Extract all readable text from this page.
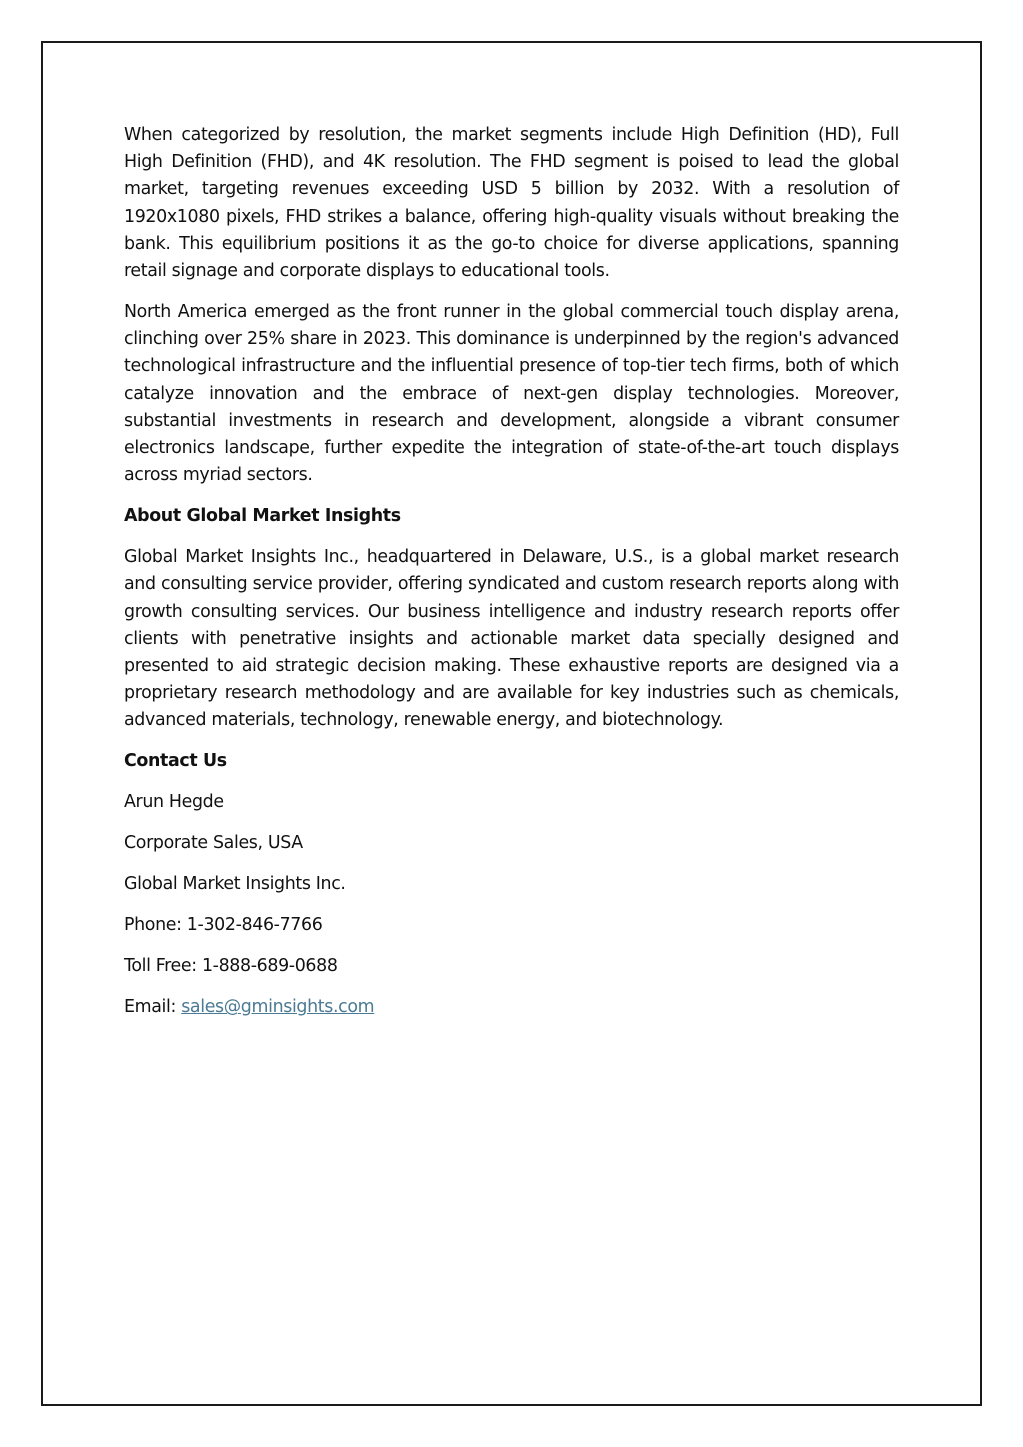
When categorized by resolution, the market segments include High Definition (HD), Full High Definition (FHD), and 4K resolution. The FHD segment is poised to lead the global market, targeting revenues exceeding USD 5 billion by 2032. With a resolution of 1920x1080 pixels, FHD strikes a balance, offering high-quality visuals without breaking the bank. This equilibrium positions it as the go-to choice for diverse applications, spanning retail signage and corporate displays to educational tools.

North America emerged as the front runner in the global commercial touch display arena, clinching over 25% share in 2023. This dominance is underpinned by the region's advanced technological infrastructure and the influential presence of top-tier tech firms, both of which catalyze innovation and the embrace of next-gen display technologies. Moreover, substantial investments in research and development, alongside a vibrant consumer electronics landscape, further expedite the integration of state-of-the-art touch displays across myriad sectors.

About Global Market Insights

Global Market Insights Inc., headquartered in Delaware, U.S., is a global market research and consulting service provider, offering syndicated and custom research reports along with growth consulting services. Our business intelligence and industry research reports offer clients with penetrative insights and actionable market data specially designed and presented to aid strategic decision making. These exhaustive reports are designed via a proprietary research methodology and are available for key industries such as chemicals, advanced materials, technology, renewable energy, and biotechnology.

Contact Us

Arun Hegde

Corporate Sales, USA

Global Market Insights Inc.

Phone: 1-302-846-7766

Toll Free: 1-888-689-0688

Email: sales@gminsights.com
